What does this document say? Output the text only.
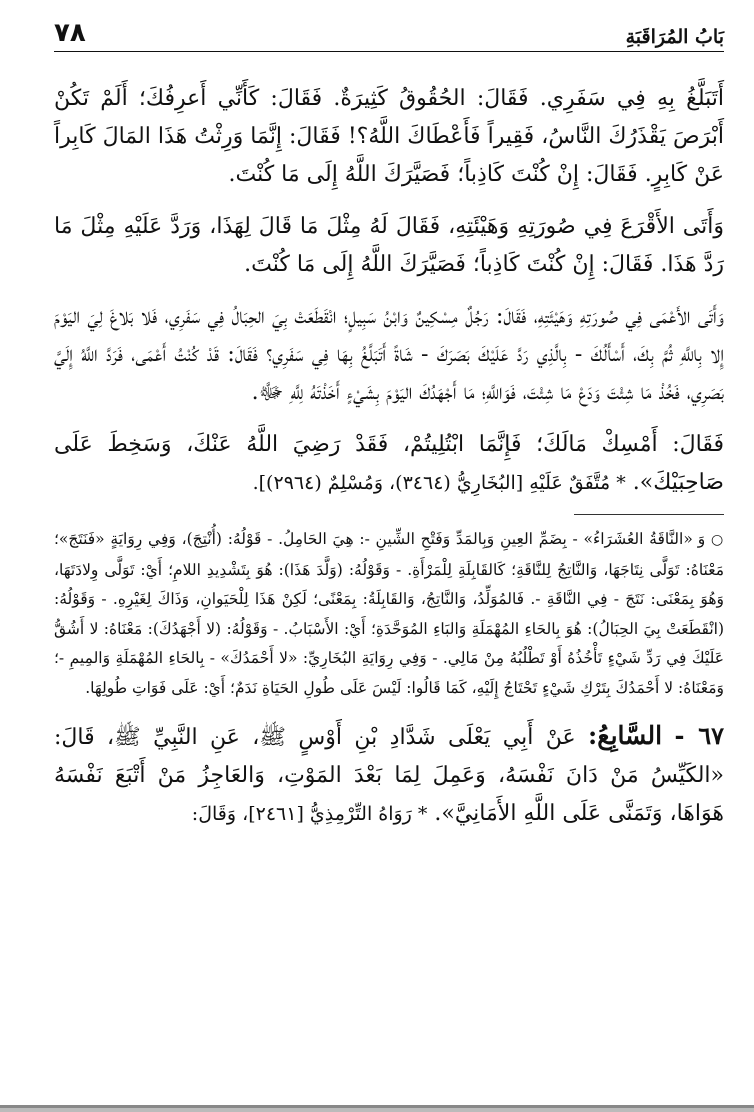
بَابُ المُرَاقَبَةِ
٧٨

أَتَبَلَّغُ بِهِ فِي سَفَرِي. فَقَالَ: الحُقُوقُ كَثِيرَةٌ. فَقَالَ: كَأَنِّي أَعرِفُكَ؛ أَلَمْ تَكُنْ أَبْرَصَ يَقْذَرُكَ النَّاسُ، فَقِيراً فَأَعْطَاكَ اللَّهُ؟! فَقَالَ: إِنَّمَا وَرِثْتُ هَذَا المَالَ كَابِراً عَنْ كَابِرٍ. فَقَالَ: إِنْ كُنْتَ كَاذِباً؛ فَصَيَّرَكَ اللَّهُ إِلَى مَا كُنْتَ.

وَأَتَى الأَقْرَعَ فِي صُورَتِهِ وَهَيْئَتِهِ، فَقَالَ لَهُ مِثْلَ مَا قَالَ لِهَذَا، وَرَدَّ عَلَيْهِ مِثْلَ مَا رَدَّ هَذَا. فَقَالَ: إِنْ كُنْتَ كَاذِباً؛ فَصَيَّرَكَ اللَّهُ إِلَى مَا كُنْتَ.

وَأَتَى الأَعْمَى فِي صُورَتِهِ وَهَيْئَتِهِ، فَقَالَ: رَجُلٌ مِسْكِينٌ وَابْنُ سَبِيلٍ؛ انْقَطَعَتْ بِيَ الحِبَالُ فِي سَفَرِي، فَلا بَلاغَ لِيَ اليَوْمَ إِلا بِاللَّهِ ثُمَّ بِكَ، أَسْأَلُكَ - بِالَّذِي رَدَّ عَلَيْكَ بَصَرَكَ - شَاةً أَتَبَلَّغُ بِهَا فِي سَفَرِي؟ فَقَالَ: قَدْ كُنْتُ أَعْمَى، فَرَدَّ اللَّهُ إِلَيَّ بَصَرِي، فَخُذْ مَا شِئْتَ وَدَعْ مَا شِئْتَ، فَوَاللَّهِ؛ مَا أَجْهَدُكَ اليَوْمَ بِشَيْءٍ أَخَذْتَهُ لِلَّهِ ﷻ.

فَقَالَ: أَمْسِكْ مَالَكَ؛ فَإِنَّمَا ابْتُلِيتُمْ، فَقَدْ رَضِيَ اللَّهُ عَنْكَ، وَسَخِطَ عَلَى صَاحِبَيْكَ». * مُتَّفَقٌ عَلَيْهِ [البُخَارِيُّ (٣٤٦٤)، وَمُسْلِمٌ (٢٩٦٤)].

○ وَ «النَّاقَةُ العُشَرَاءُ» - بِضَمِّ العِينِ وَبِالمَدِّ وَفَتْحِ الشِّينِ -: هِيَ الحَامِلُ. - قَوْلُهُ: (أُنْتِجَ)، وَفِي رِوَايَةٍ «فَنَتَجَ»؛ مَعْنَاهُ: تَوَلَّى نِتَاجَهَا، وَالنَّاتِجُ لِلنَّاقَةِ؛ كَالقَابِلَةِ لِلْمَرْأَةِ. - وَقَوْلُهُ: (وَلَّدَ هَذَا): هُوَ بِتَشْدِيدِ اللامِ؛ أَيْ: تَوَلَّى وِلادَتَهَا، وَهُوَ بِمَعْنَى: نَتَجَ - فِي النَّاقَةِ -. فَالمُوَلِّدُ، وَالنَّاتِجُ، وَالقَابِلَةُ: بِمَعْنًى؛ لَكِنْ هَذَا لِلْحَيَوانِ، وَذَاكَ لِغَيْرِهِ. - وَقَوْلُهُ: (انْقَطَعَتْ بِيَ الحِبَالُ): هُوَ بِالحَاءِ المُهْمَلَةِ وَالبَاءِ المُوَحَّدَةِ؛ أَيْ: الأَسْبَابُ. - وَقَوْلُهُ: (لا أَجْهَدُكَ): مَعْنَاهُ: لا أَشُقُّ عَلَيْكَ فِي رَدِّ شَيْءٍ تَأْخُذُهُ أَوْ تَطْلُبُهُ مِنْ مَالِي. - وَفِي رِوَايَةِ البُخَارِيِّ: «لا أَحْمَدُكَ» - بِالحَاءِ المُهْمَلَةِ وَالمِيمِ -؛ وَمَعْنَاهُ: لا أَحْمَدُكَ بِتَرْكِ شَيْءٍ تَحْتَاجُ إِلَيْهِ، كَمَا قَالُوا: لَيْسَ عَلَى طُولِ الحَيَاةِ نَدَمٌ؛ أَيْ: عَلَى فَوَاتِ طُولِهَا.

٦٧ - السَّابِعُ: عَنْ أَبِي يَعْلَى شَدَّادِ بْنِ أَوْسٍ ﷺ، عَنِ النَّبِيِّ ﷺ، قَالَ: «الكَيِّسُ مَنْ دَانَ نَفْسَهُ، وَعَمِلَ لِمَا بَعْدَ المَوْتِ، وَالعَاجِزُ مَنْ أَتْبَعَ نَفْسَهُ هَوَاهَا، وَتَمَنَّى عَلَى اللَّهِ الأَمَانِيَّ». * رَوَاهُ التِّرْمِذِيُّ [٢٤٦١]، وَقَالَ:
